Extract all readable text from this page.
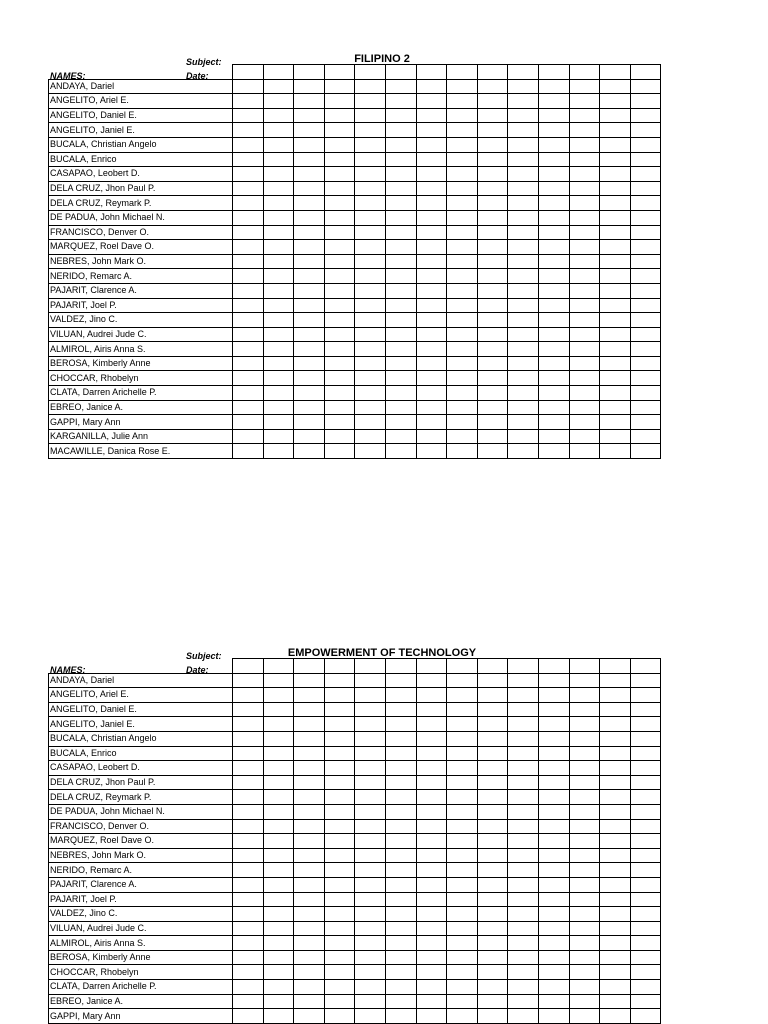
Subject:	FILIPINO 2
NAMES:	Date:

ANDAYA, Dariel														
ANGELITO, Ariel E.														
ANGELITO, Daniel E.														
ANGELITO, Janiel E.														
BUCALA, Christian Angelo														
BUCALA, Enrico														
CASAPAO, Leobert D.														
DELA CRUZ, Jhon Paul P.														
DELA CRUZ, Reymark P.														
DE PADUA, John Michael N.														
FRANCISCO, Denver O.														
MARQUEZ, Roel Dave O.														
NEBRES, John Mark O.														
NERIDO, Remarc A.														
PAJARIT, Clarence A.														
PAJARIT, Joel P.														
VALDEZ, Jino C.														
VILUAN, Audrei Jude C.														
ALMIROL, Airis Anna S.														
BEROSA, Kimberly Anne														
CHOCCAR, Rhobelyn														
CLATA, Darren Arichelle P.														
EBREO, Janice A.														
GAPPI, Mary Ann														
KARGANILLA, Julie Ann														
MACAWILLE, Danica Rose E.														
Subject:	EMPOWERMENT OF TECHNOLOGY
NAMES:	Date:

ANDAYA, Dariel														
ANGELITO, Ariel E.														
ANGELITO, Daniel E.														
ANGELITO, Janiel E.														
BUCALA, Christian Angelo														
BUCALA, Enrico														
CASAPAO, Leobert D.														
DELA CRUZ, Jhon Paul P.														
DELA CRUZ, Reymark P.														
DE PADUA, John Michael N.														
FRANCISCO, Denver O.														
MARQUEZ, Roel Dave O.														
NEBRES, John Mark O.														
NERIDO, Remarc A.														
PAJARIT, Clarence A.														
PAJARIT, Joel P.														
VALDEZ, Jino C.														
VILUAN, Audrei Jude C.														
ALMIROL, Airis Anna S.														
BEROSA, Kimberly Anne														
CHOCCAR, Rhobelyn														
CLATA, Darren Arichelle P.														
EBREO, Janice A.														
GAPPI, Mary Ann														
